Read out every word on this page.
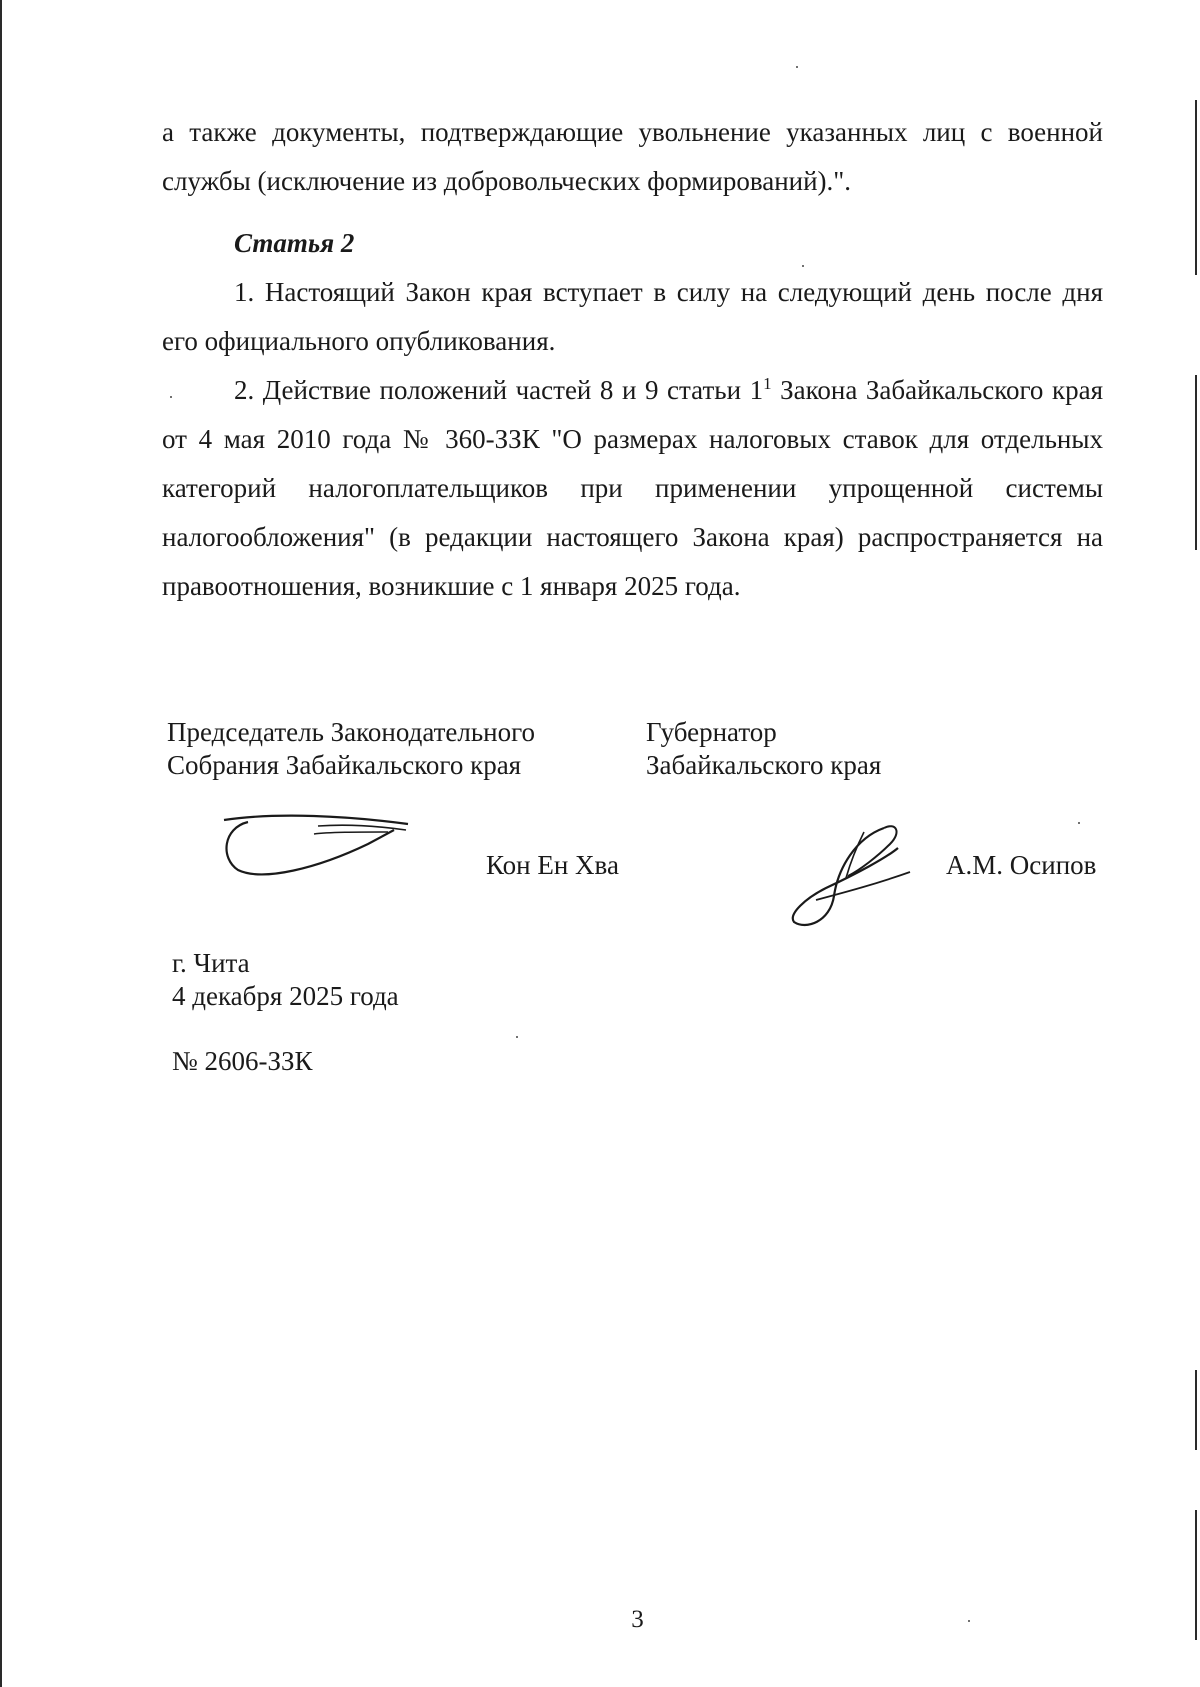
а также документы, подтверждающие увольнение указанных лиц с военной службы (исключение из добровольческих формирований).".

Статья 2

1. Настоящий Закон края вступает в силу на следующий день после дня его официального опубликования.

2. Действие положений частей 8 и 9 статьи $1^1$ Закона Забайкальского края от 4 мая 2010 года № 360-ЗЗК "О размерах налоговых ставок для отдельных категорий налогоплательщиков при применении упрощенной системы налогообложения" (в редакции настоящего Закона края) распространяется на правоотношения, возникшие с 1 января 2025 года.

Председатель Законодательного
Собрания Забайкальского края
Губернатор
Забайкальского края
Кон Ен Хва	А.М. Осипов
г. Чита
4 декабря 2025 года
№ 2606-ЗЗК
3
